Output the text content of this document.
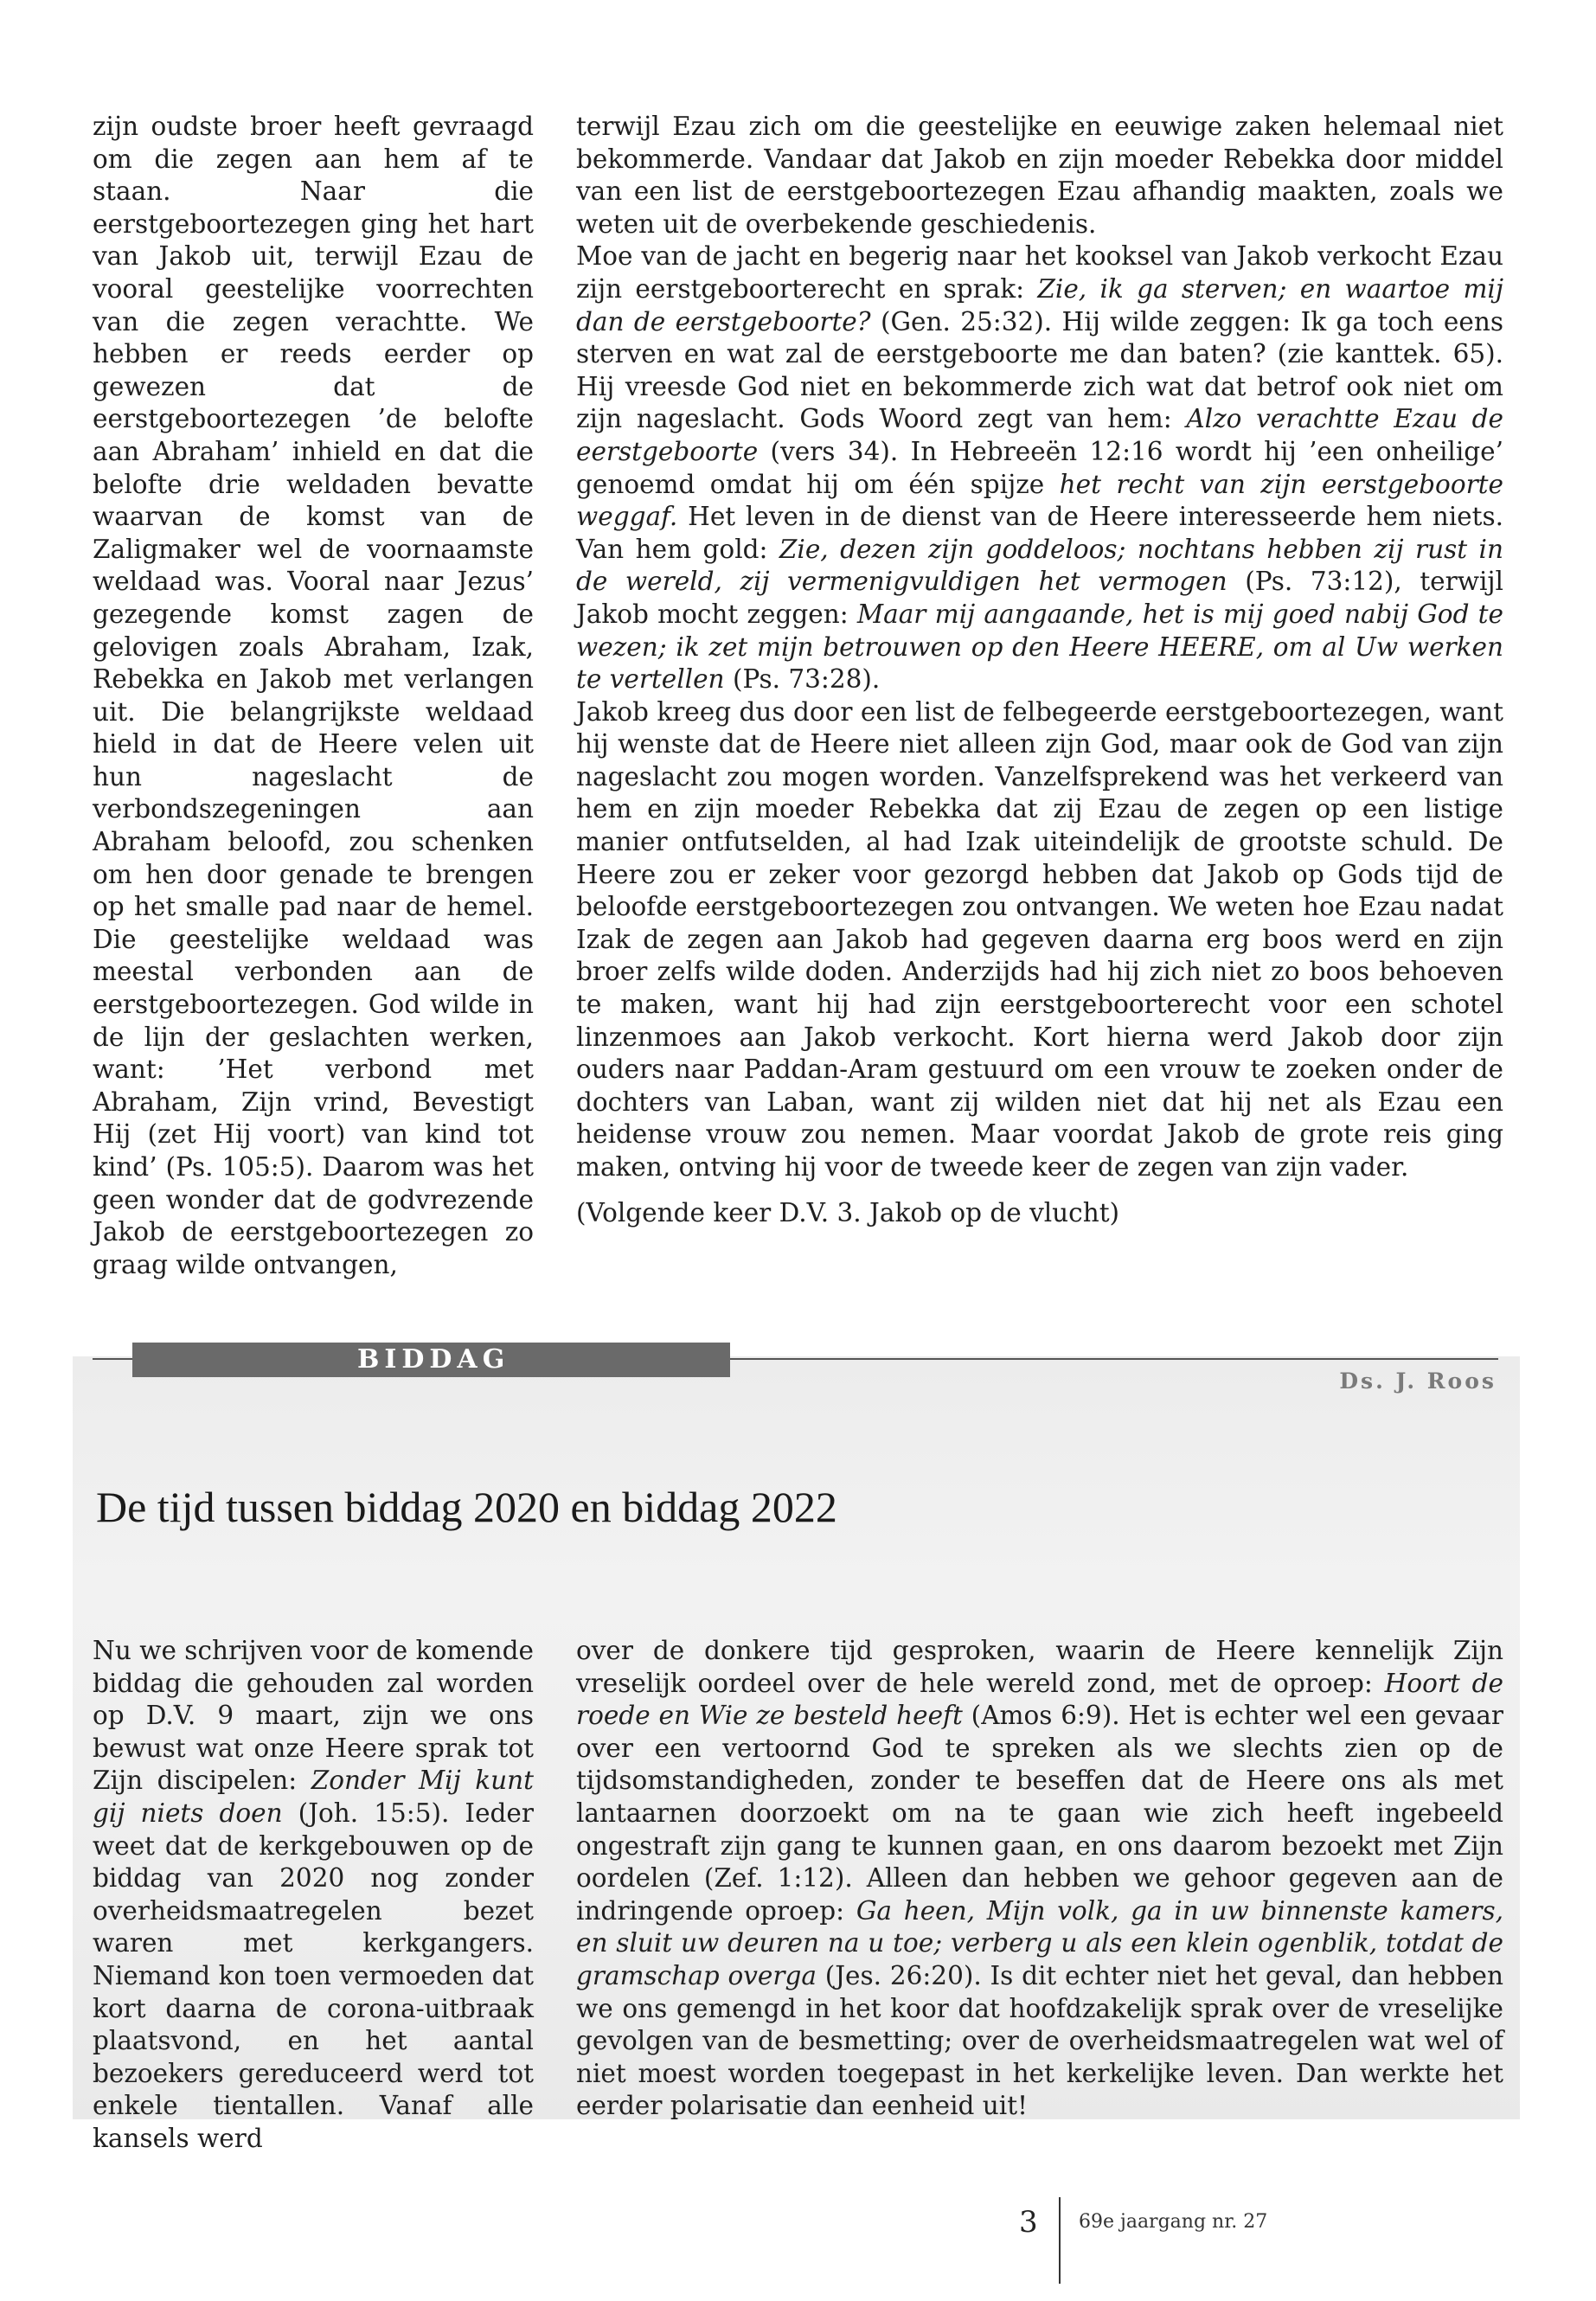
zijn oudste broer heeft gevraagd om die zegen aan hem af te staan. Naar die eerstgeboortezegen ging het hart van Jakob uit, terwijl Ezau de vooral geestelijke voorrechten van die zegen verachtte. We hebben er reeds eerder op gewezen dat de eerstgeboortezegen ’de belofte aan Abraham’ inhield en dat die belofte drie weldaden bevatte waarvan de komst van de Zaligmaker wel de voornaamste weldaad was. Vooral naar Jezus’ gezegende komst zagen de gelovigen zoals Abraham, Izak, Rebekka en Jakob met verlangen uit. Die belangrijkste weldaad hield in dat de Heere velen uit hun nageslacht de verbondszegeningen aan Abraham beloofd, zou schenken om hen door genade te brengen op het smalle pad naar de hemel. Die geestelijke weldaad was meestal verbonden aan de eerstgeboortezegen. God wilde in de lijn der geslachten werken, want: ’Het verbond met Abraham, Zijn vrind, Bevestigt Hij (zet Hij voort) van kind tot kind’ (Ps. 105:5). Daarom was het geen wonder dat de godvrezende Jakob de eerstgeboortezegen zo graag wilde ontvangen,

terwijl Ezau zich om die geestelijke en eeuwige zaken helemaal niet bekommerde. Vandaar dat Jakob en zijn moeder Rebekka door middel van een list de eerstgeboortezegen Ezau afhandig maakten, zoals we weten uit de overbekende geschiedenis.

Moe van de jacht en begerig naar het kooksel van Jakob verkocht Ezau zijn eerstgeboorterecht en sprak: Zie, ik ga sterven; en waartoe mij dan de eerstgeboorte? (Gen. 25:32). Hij wilde zeggen: Ik ga toch eens sterven en wat zal de eerstgeboorte me dan baten? (zie kanttek. 65). Hij vreesde God niet en bekommerde zich wat dat betrof ook niet om zijn nageslacht. Gods Woord zegt van hem: Alzo verachtte Ezau de eerstgeboorte (vers 34). In Hebreeën 12:16 wordt hij ’een onheilige’ genoemd omdat hij om één spijze het recht van zijn eerstgeboorte weggaf. Het leven in de dienst van de Heere interesseerde hem niets. Van hem gold: Zie, dezen zijn goddeloos; nochtans hebben zij rust in de wereld, zij vermenigvuldigen het vermogen (Ps. 73:12), terwijl Jakob mocht zeggen: Maar mij aangaande, het is mij goed nabij God te wezen; ik zet mijn betrouwen op den Heere HEERE, om al Uw werken te vertellen (Ps. 73:28).

Jakob kreeg dus door een list de felbegeerde eerstgeboortezegen, want hij wenste dat de Heere niet alleen zijn God, maar ook de God van zijn nageslacht zou mogen worden. Vanzelfsprekend was het verkeerd van hem en zijn moeder Rebekka dat zij Ezau de zegen op een listige manier ontfutselden, al had Izak uiteindelijk de grootste schuld. De Heere zou er zeker voor gezorgd hebben dat Jakob op Gods tijd de beloofde eerstgeboortezegen zou ontvangen. We weten hoe Ezau nadat Izak de zegen aan Jakob had gegeven daarna erg boos werd en zijn broer zelfs wilde doden. Anderzijds had hij zich niet zo boos behoeven te maken, want hij had zijn eerstgeboorterecht voor een schotel linzenmoes aan Jakob verkocht. Kort hierna werd Jakob door zijn ouders naar Paddan-Aram gestuurd om een vrouw te zoeken onder de dochters van Laban, want zij wilden niet dat hij net als Ezau een heidense vrouw zou nemen. Maar voordat Jakob de grote reis ging maken, ontving hij voor de tweede keer de zegen van zijn vader.

(Volgende keer D.V. 3. Jakob op de vlucht)
BIDDAG
Ds. J. Roos
De tijd tussen biddag 2020 en biddag 2022

Nu we schrijven voor de komende biddag die gehouden zal worden op D.V. 9 maart, zijn we ons bewust wat onze Heere sprak tot Zijn discipelen: Zonder Mij kunt gij niets doen (Joh. 15:5). Ieder weet dat de kerkgebouwen op de biddag van 2020 nog zonder overheidsmaatregelen bezet waren met kerkgangers. Niemand kon toen vermoeden dat kort daarna de corona-uitbraak plaatsvond, en het aantal bezoekers gereduceerd werd tot enkele tientallen. Vanaf alle kansels werd

over de donkere tijd gesproken, waarin de Heere kennelijk Zijn vreselijk oordeel over de hele wereld zond, met de oproep: Hoort de roede en Wie ze besteld heeft (Amos 6:9). Het is echter wel een gevaar over een vertoornd God te spreken als we slechts zien op de tijdsomstandigheden, zonder te beseffen dat de Heere ons als met lantaarnen doorzoekt om na te gaan wie zich heeft ingebeeld ongestraft zijn gang te kunnen gaan, en ons daarom bezoekt met Zijn oordelen (Zef. 1:12). Alleen dan hebben we gehoor gegeven aan de indringende oproep: Ga heen, Mijn volk, ga in uw binnenste kamers, en sluit uw deuren na u toe; verberg u als een klein ogenblik, totdat de gramschap overga (Jes. 26:20). Is dit echter niet het geval, dan hebben we ons gemengd in het koor dat hoofdzakelijk sprak over de vreselijke gevolgen van de besmetting; over de overheidsmaatregelen wat wel of niet moest worden toegepast in het kerkelijke leven. Dan werkte het eerder polarisatie dan eenheid uit!

3 69e jaargang nr. 27
